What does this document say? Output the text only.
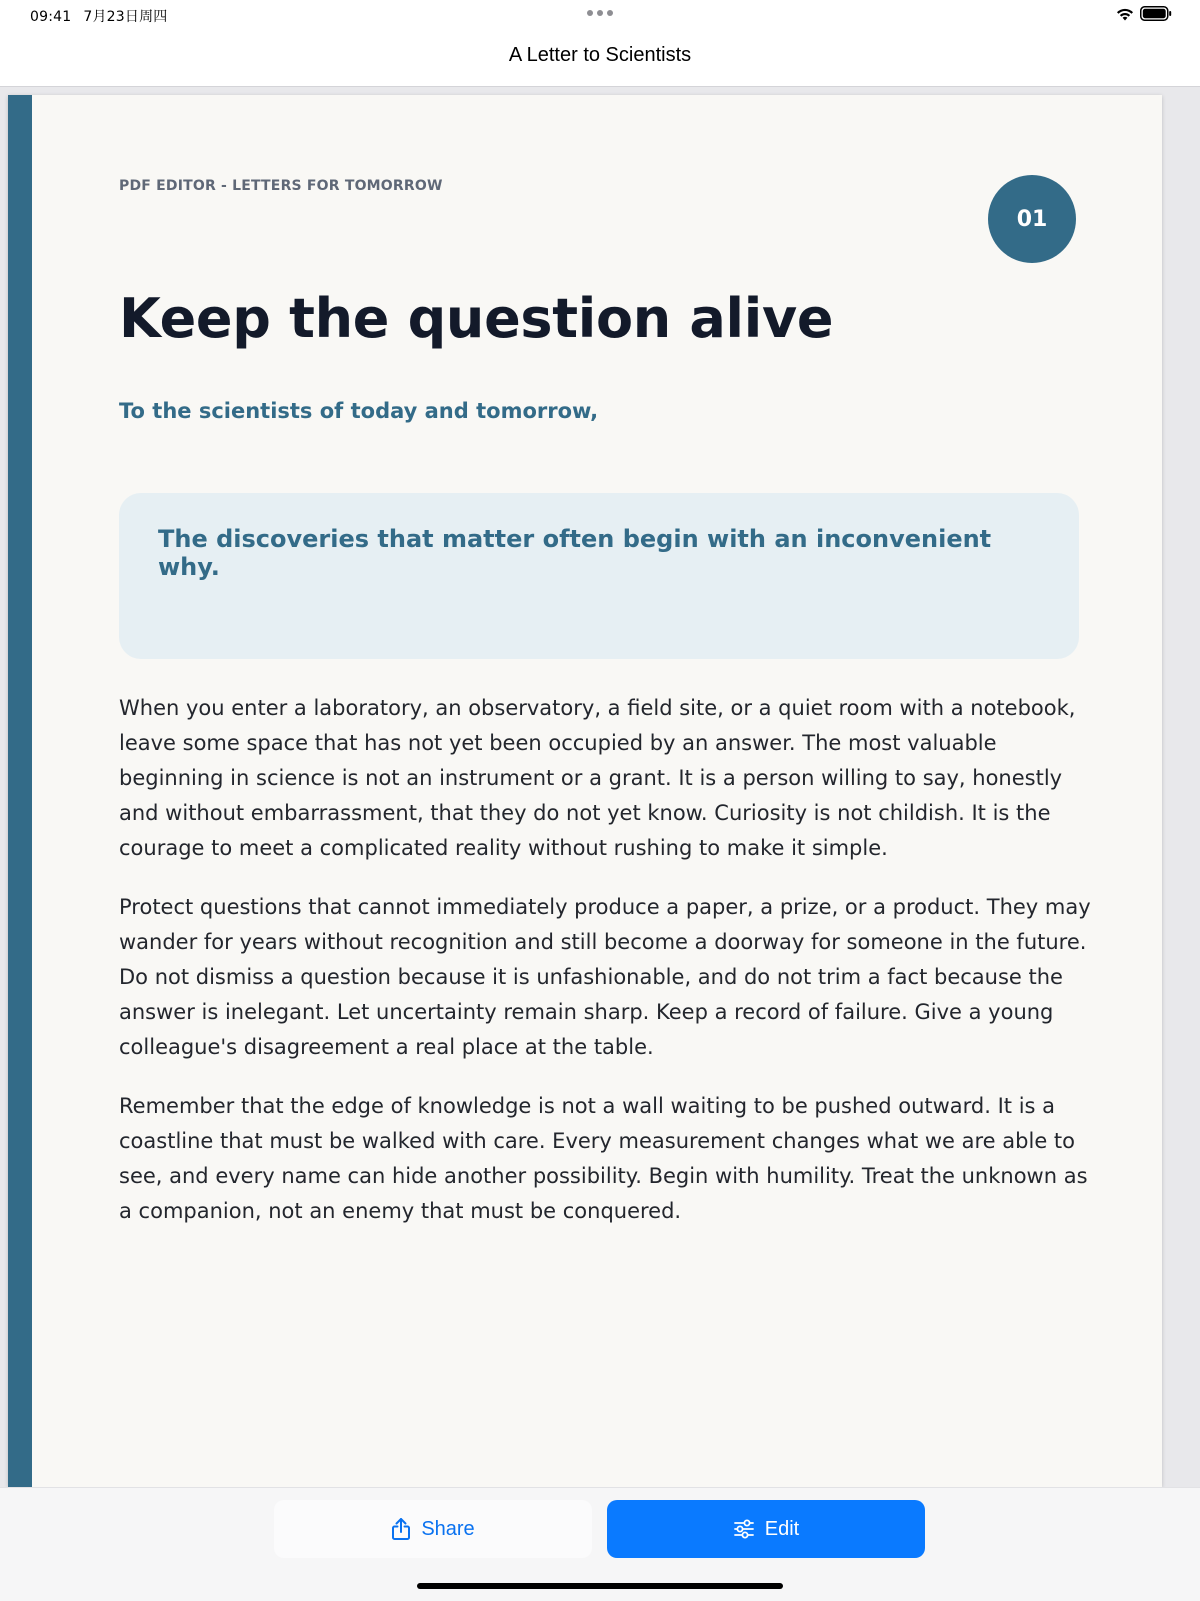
09:41 7月23日周四
A Letter to Scientists
PDF EDITOR - LETTERS FOR TOMORROW
01
Keep the question alive

To the scientists of today and tomorrow,

The discoveries that matter often begin with an inconvenient why.

When you enter a laboratory, an observatory, a field site, or a quiet room with a notebook, leave some space that has not yet been occupied by an answer. The most valuable beginning in science is not an instrument or a grant. It is a person willing to say, honestly and without embarrassment, that they do not yet know. Curiosity is not childish. It is the courage to meet a complicated reality without rushing to make it simple.

Protect questions that cannot immediately produce a paper, a prize, or a product. They may wander for years without recognition and still become a doorway for someone in the future. Do not dismiss a question because it is unfashionable, and do not trim a fact because the answer is inelegant. Let uncertainty remain sharp. Keep a record of failure. Give a young colleague's disagreement a real place at the table.

Remember that the edge of knowledge is not a wall waiting to be pushed outward. It is a coastline that must be walked with care. Every measurement changes what we are able to see, and every name can hide another possibility. Begin with humility. Treat the unknown as a companion, not an enemy that must be conquered.

Share	Edit
